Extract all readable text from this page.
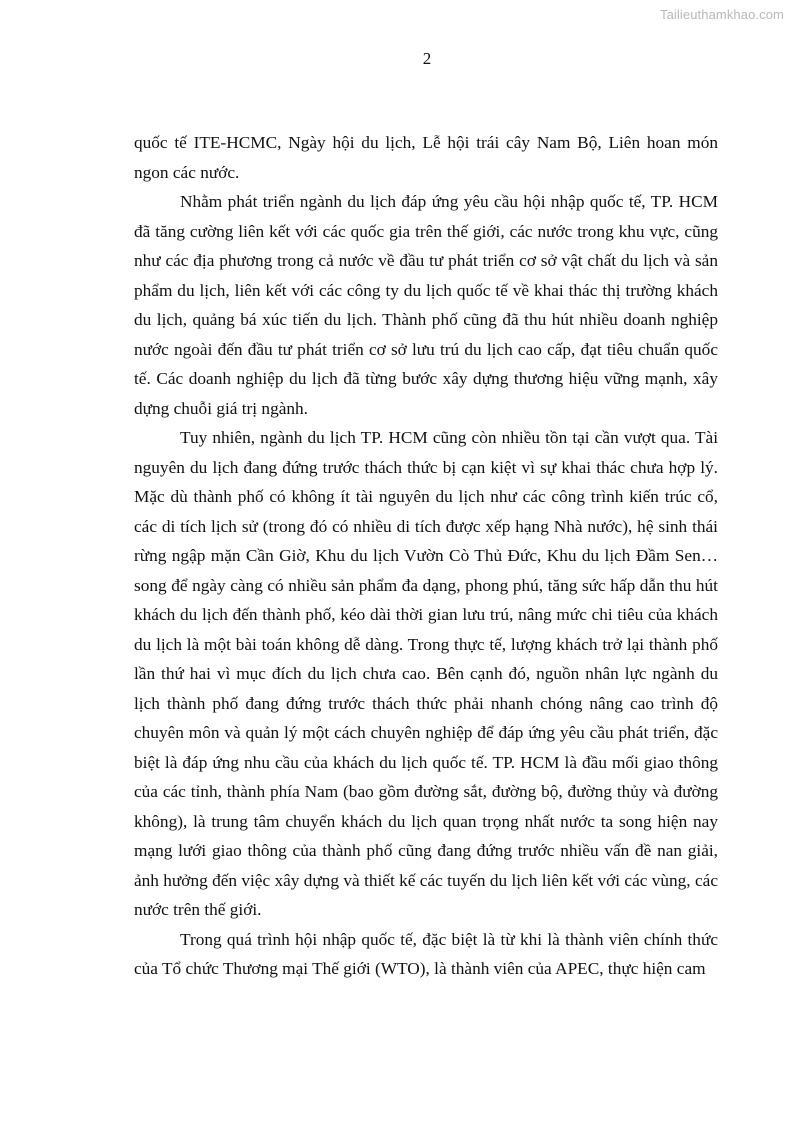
Tailieuthamkhao.com
2

quốc tế ITE-HCMC, Ngày hội du lịch, Lễ hội trái cây Nam Bộ, Liên hoan món ngon các nước.

Nhằm phát triển ngành du lịch đáp ứng yêu cầu hội nhập quốc tế, TP. HCM đã tăng cường liên kết với các quốc gia trên thế giới, các nước trong khu vực, cũng như các địa phương trong cả nước về đầu tư phát triển cơ sở vật chất du lịch và sản phẩm du lịch, liên kết với các công ty du lịch quốc tế về khai thác thị trường khách du lịch, quảng bá xúc tiến du lịch. Thành phố cũng đã thu hút nhiều doanh nghiệp nước ngoài đến đầu tư phát triển cơ sở lưu trú du lịch cao cấp, đạt tiêu chuẩn quốc tế. Các doanh nghiệp du lịch đã từng bước xây dựng thương hiệu vững mạnh, xây dựng chuỗi giá trị ngành.

Tuy nhiên, ngành du lịch TP. HCM cũng còn nhiều tồn tại cần vượt qua. Tài nguyên du lịch đang đứng trước thách thức bị cạn kiệt vì sự khai thác chưa hợp lý. Mặc dù thành phố có không ít tài nguyên du lịch như các công trình kiến trúc cổ, các di tích lịch sử (trong đó có nhiều di tích được xếp hạng Nhà nước), hệ sinh thái rừng ngập mặn Cần Giờ, Khu du lịch Vườn Cò Thủ Đức, Khu du lịch Đầm Sen…song để ngày càng có nhiều sản phẩm đa dạng, phong phú, tăng sức hấp dẫn thu hút khách du lịch đến thành phố, kéo dài thời gian lưu trú, nâng mức chi tiêu của khách du lịch là một bài toán không dễ dàng. Trong thực tế, lượng khách trở lại thành phố lần thứ hai vì mục đích du lịch chưa cao. Bên cạnh đó, nguồn nhân lực ngành du lịch thành phố đang đứng trước thách thức phải nhanh chóng nâng cao trình độ chuyên môn và quản lý một cách chuyên nghiệp để đáp ứng yêu cầu phát triển, đặc biệt là đáp ứng nhu cầu của khách du lịch quốc tế. TP. HCM là đầu mối giao thông của các tỉnh, thành phía Nam (bao gồm đường sắt, đường bộ, đường thủy và đường không), là trung tâm chuyển khách du lịch quan trọng nhất nước ta song hiện nay mạng lưới giao thông của thành phố cũng đang đứng trước nhiều vấn đề nan giải, ảnh hưởng đến việc xây dựng và thiết kế các tuyến du lịch liên kết với các vùng, các nước trên thế giới.

Trong quá trình hội nhập quốc tế, đặc biệt là từ khi là thành viên chính thức của Tổ chức Thương mại Thế giới (WTO), là thành viên của APEC, thực hiện cam
